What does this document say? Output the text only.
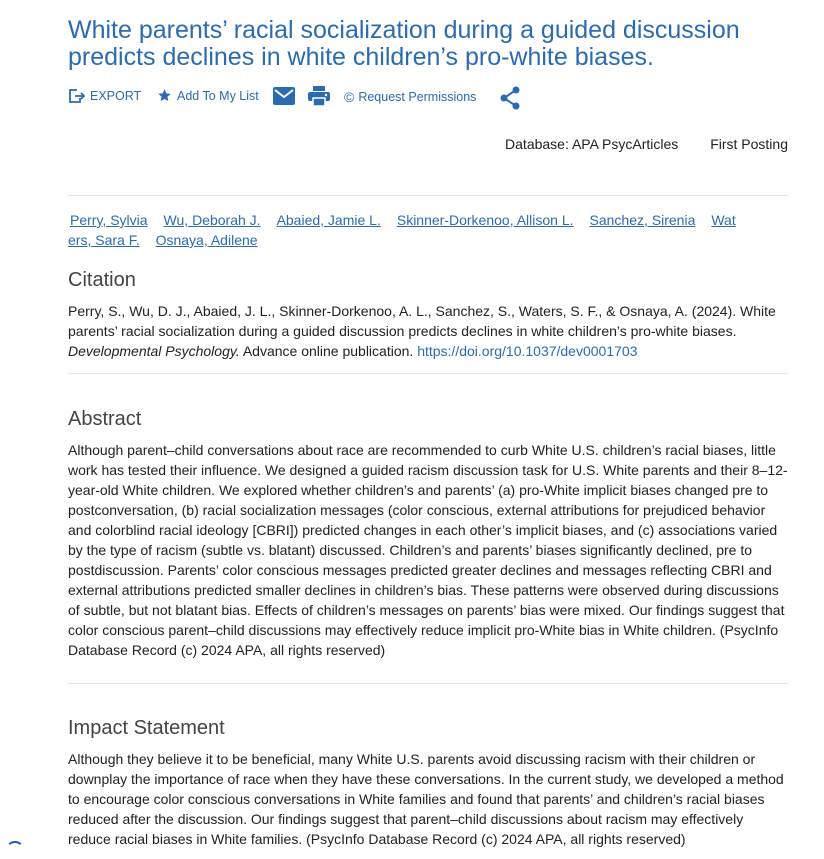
White parents’ racial socialization during a guided discussion predicts declines in white children’s pro-white biases.
EXPORT	Add To My List	© Request Permissions
Database: APA PsycArticles First Posting
Perry, Sylvia Wu, Deborah J. Abaied, Jamie L. Skinner-Dorkenoo, Allison L. Sanchez, Sirenia Wat
ers, Sara F. Osnaya, Adilene
Citation

Perry, S., Wu, D. J., Abaied, J. L., Skinner-Dorkenoo, A. L., Sanchez, S., Waters, S. F., & Osnaya, A. (2024). White parents’ racial socialization during a guided discussion predicts declines in white children’s pro-white biases. Developmental Psychology. Advance online publication. https://doi.org/10.1037/dev0001703

Abstract

Although parent–child conversations about race are recommended to curb White U.S. children’s racial biases, little work has tested their influence. We designed a guided racism discussion task for U.S. White parents and their 8–12-year-old White children. We explored whether children’s and parents’ (a) pro-White implicit biases changed pre to postconversation, (b) racial socialization messages (color conscious, external attributions for prejudiced behavior and colorblind racial ideology [CBRI]) predicted changes in each other’s implicit biases, and (c) associations varied by the type of racism (subtle vs. blatant) discussed. Children’s and parents’ biases significantly declined, pre to postdiscussion. Parents’ color conscious messages predicted greater declines and messages reflecting CBRI and external attributions predicted smaller declines in children’s bias. These patterns were observed during discussions of subtle, but not blatant bias. Effects of children’s messages on parents’ bias were mixed. Our findings suggest that color conscious parent–child discussions may effectively reduce implicit pro-White bias in White children. (PsycInfo Database Record (c) 2024 APA, all rights reserved)

Impact Statement

Although they believe it to be beneficial, many White U.S. parents avoid discussing racism with their children or downplay the importance of race when they have these conversations. In the current study, we developed a method to encourage color conscious conversations in White families and found that parents’ and children’s racial biases reduced after the discussion. Our findings suggest that parent–child discussions about racism may effectively reduce racial biases in White families. (PsycInfo Database Record (c) 2024 APA, all rights reserved)
